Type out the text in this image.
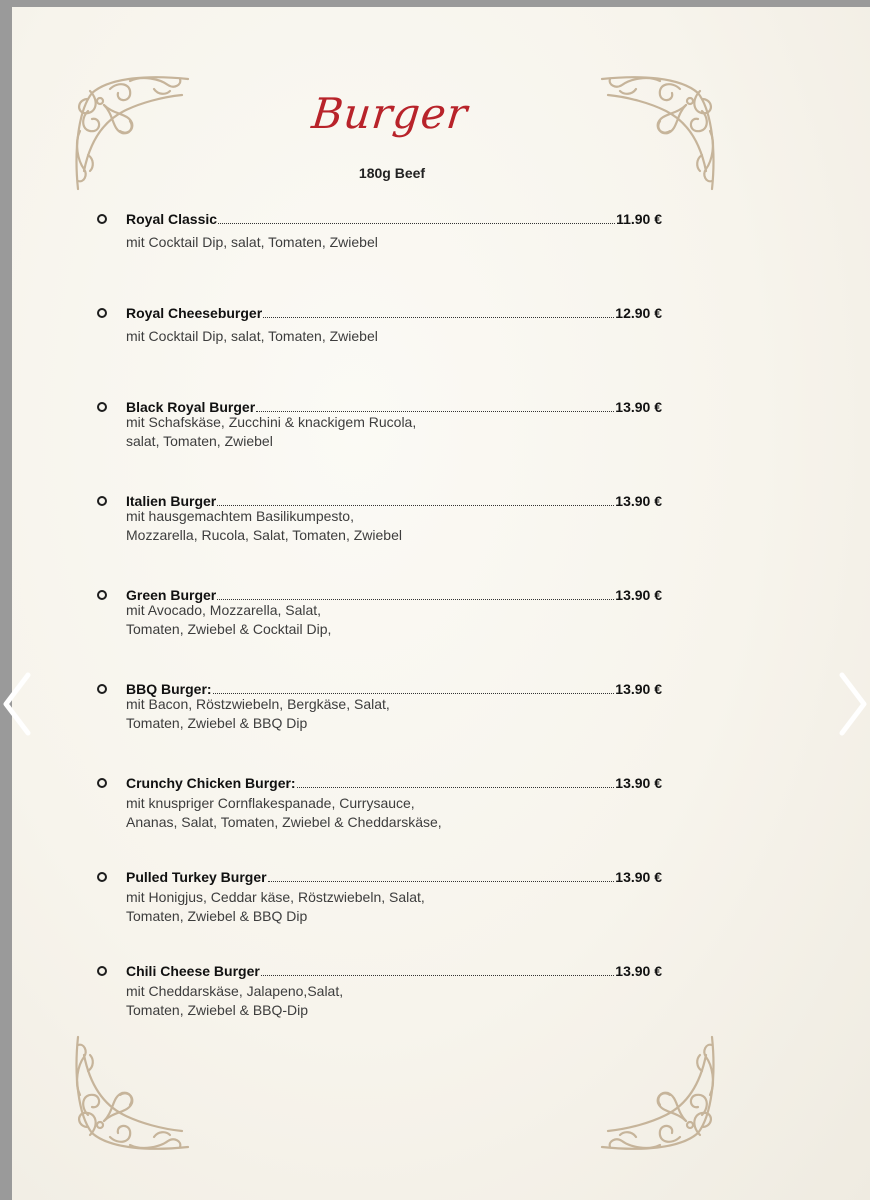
Burger
180g Beef
Royal Classic	11.90 €
mit Cocktail Dip, salat, Tomaten, Zwiebel
Royal Cheeseburger	12.90 €
mit Cocktail Dip, salat, Tomaten, Zwiebel
Black Royal Burger	13.90 €
mit Schafskäse, Zucchini & knackigem Rucola,
salat, Tomaten, Zwiebel
Italien Burger	13.90 €
mit hausgemachtem Basilikumpesto,
Mozzarella, Rucola, Salat, Tomaten, Zwiebel
Green Burger	13.90 €
mit Avocado, Mozzarella, Salat,
Tomaten, Zwiebel & Cocktail Dip,
BBQ Burger:	13.90 €
mit Bacon, Röstzwiebeln, Bergkäse, Salat,
Tomaten, Zwiebel & BBQ Dip
Crunchy Chicken Burger:	13.90 €
mit knuspriger Cornflakespanade, Currysauce,
Ananas, Salat, Tomaten, Zwiebel & Cheddarskäse,
Pulled Turkey Burger	13.90 €
mit Honigjus, Ceddar käse, Röstzwiebeln, Salat,
Tomaten, Zwiebel & BBQ Dip
Chili Cheese Burger	13.90 €
mit Cheddarskäse, Jalapeno,Salat,
Tomaten, Zwiebel & BBQ-Dip
